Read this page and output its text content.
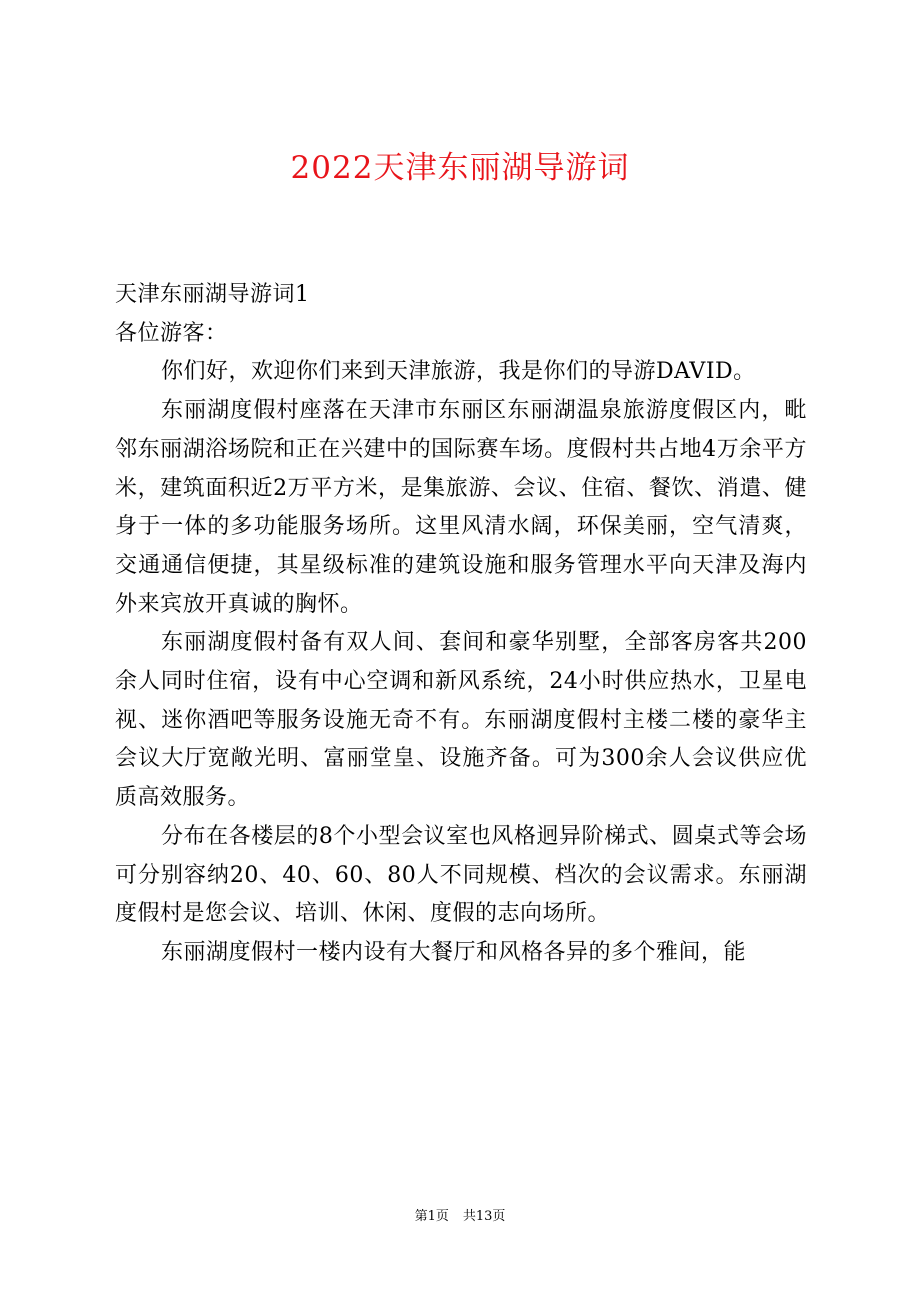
2022天津东丽湖导游词

天津东丽湖导游词1

各位游客：

你们好，欢迎你们来到天津旅游，我是你们的导游DAVID。

东丽湖度假村座落在天津市东丽区东丽湖温泉旅游度假区内，毗邻东丽湖浴场院和正在兴建中的国际赛车场。度假村共占地4万余平方米，建筑面积近2万平方米，是集旅游、会议、住宿、餐饮、消遣、健身于一体的多功能服务场所。这里风清水阔，环保美丽，空气清爽，交通通信便捷，其星级标准的建筑设施和服务管理水平向天津及海内外来宾放开真诚的胸怀。

东丽湖度假村备有双人间、套间和豪华别墅，全部客房客共200余人同时住宿，设有中心空调和新风系统，24小时供应热水，卫星电视、迷你酒吧等服务设施无奇不有。东丽湖度假村主楼二楼的豪华主会议大厅宽敞光明、富丽堂皇、设施齐备。可为300余人会议供应优质高效服务。

分布在各楼层的8个小型会议室也风格迥异阶梯式、圆桌式等会场可分别容纳20、40、60、80人不同规模、档次的会议需求。东丽湖度假村是您会议、培训、休闲、度假的志向场所。

东丽湖度假村一楼内设有大餐厅和风格各异的多个雅间，能

第1页 共13页
